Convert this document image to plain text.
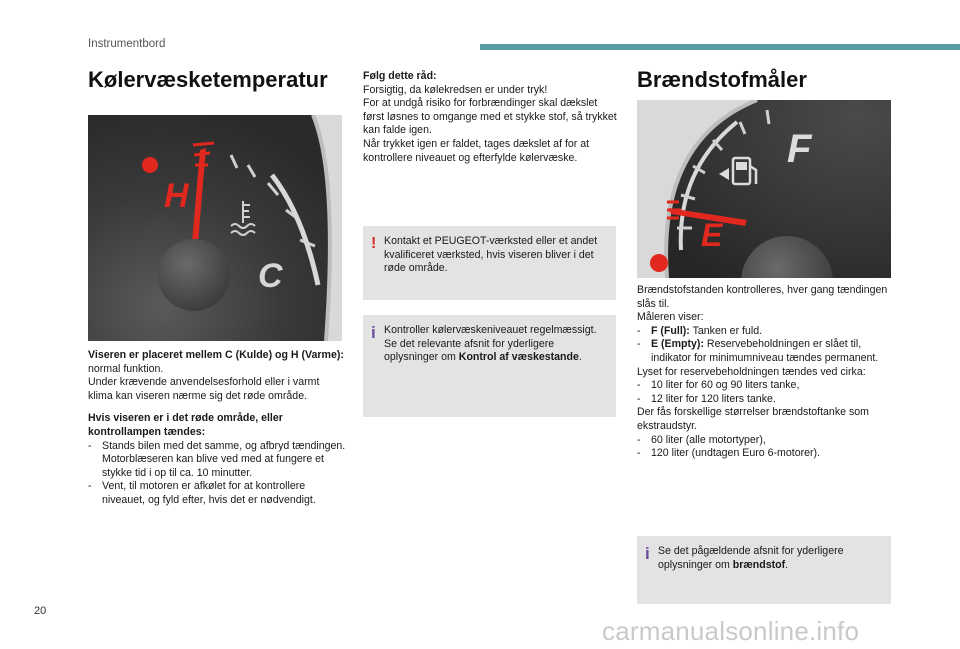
Instrumentbord
Kølervæsketemperatur
H
C
Viseren er placeret mellem C (Kulde) og H (Varme): normal funktion.
Under krævende anvendelsesforhold eller i varmt klima kan viseren nærme sig det røde område.
Hvis viseren er i det røde område, eller kontrollampen tændes:
- Stands bilen med det samme, og afbryd tændingen. Motorblæseren kan blive ved med at fungere et stykke tid i op til ca. 10 minutter.
- Vent, til motoren er afkølet for at kontrollere niveauet, og fyld efter, hvis det er nødvendigt.
Følg dette råd:
Forsigtig, da kølekredsen er under tryk!
For at undgå risiko for forbrændinger skal dækslet først løsnes to omgange med et stykke stof, så trykket kan falde igen.
Når trykket igen er faldet, tages dækslet af for at kontrollere niveauet og efterfylde kølervæske.
! Kontakt et PEUGEOT-værksted eller et andet kvalificeret værksted, hvis viseren bliver i det røde område.
i Kontroller kølervæskeniveauet regelmæssigt. Se det relevante afsnit for yderligere oplysninger om Kontrol af væskestande.
Brændstofmåler
F
E
Brændstofstanden kontrolleres, hver gang tændingen slås til.
Måleren viser:
- F (Full): Tanken er fuld.
- E (Empty): Reservebeholdningen er slået til, indikator for minimumniveau tændes permanent.
Lyset for reservebeholdningen tændes ved cirka:
- 10 liter for 60 og 90 liters tanke,
- 12 liter for 120 liters tanke.
Der fås forskellige størrelser brændstoftanke som ekstraudstyr.
- 60 liter (alle motortyper),
- 120 liter (undtagen Euro 6-motorer).
i Se det pågældende afsnit for yderligere oplysninger om brændstof.
20
carmanualsonline.info
